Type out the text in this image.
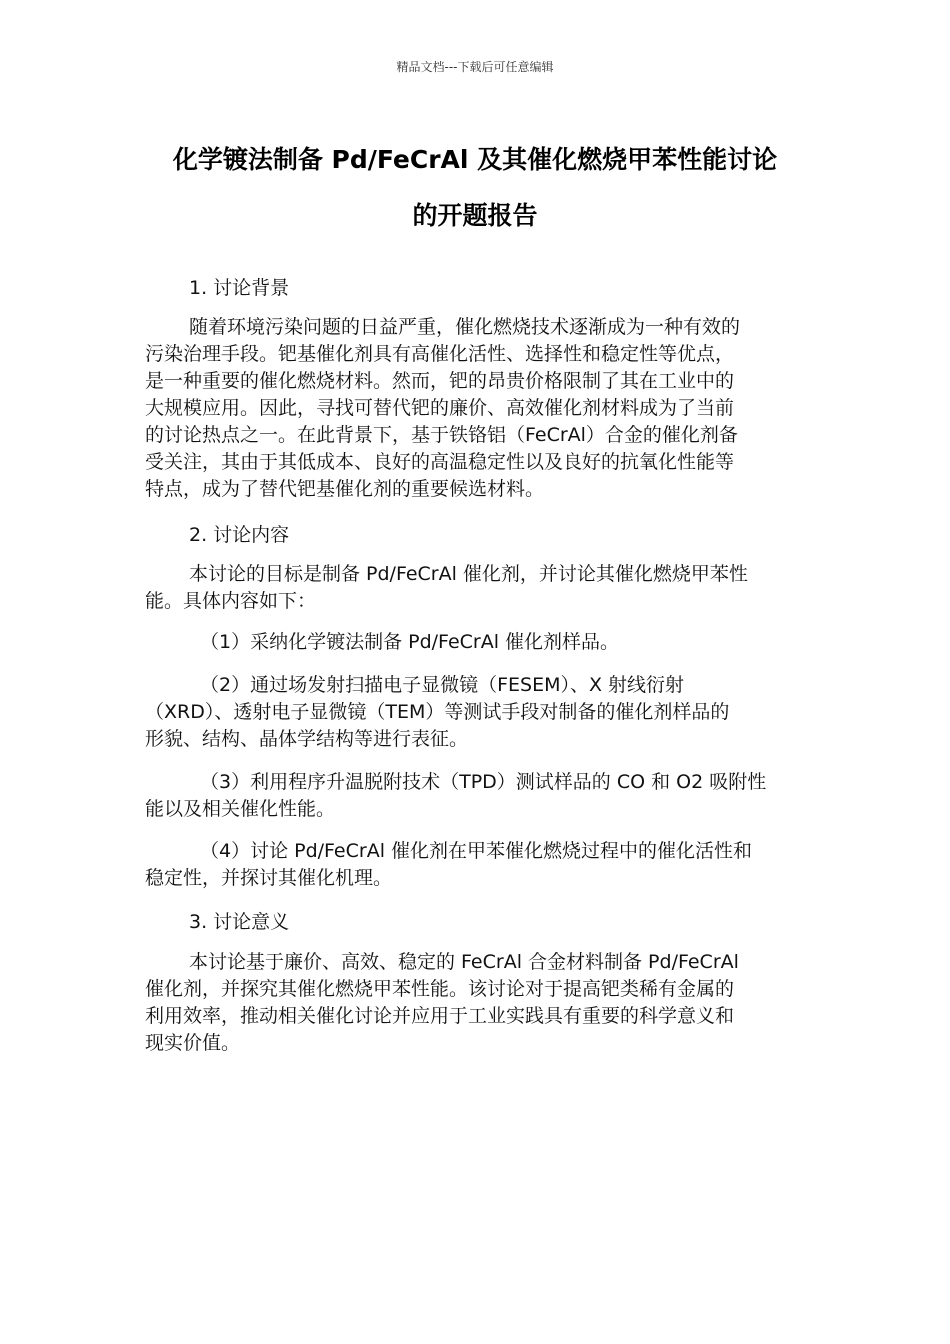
精品文档---下载后可任意编辑
化学镀法制备 Pd/FeCrAl 及其催化燃烧甲苯性能讨论
的开题报告
1. 讨论背景
随着环境污染问题的日益严重，催化燃烧技术逐渐成为一种有效的
污染治理手段。钯基催化剂具有高催化活性、选择性和稳定性等优点，
是一种重要的催化燃烧材料。然而，钯的昂贵价格限制了其在工业中的
大规模应用。因此，寻找可替代钯的廉价、高效催化剂材料成为了当前
的讨论热点之一。在此背景下，基于铁铬铝（FeCrAl）合金的催化剂备
受关注，其由于其低成本、良好的高温稳定性以及良好的抗氧化性能等
特点，成为了替代钯基催化剂的重要候选材料。
2. 讨论内容
本讨论的目标是制备 Pd/FeCrAl 催化剂，并讨论其催化燃烧甲苯性
能。具体内容如下：
（1）采纳化学镀法制备 Pd/FeCrAl 催化剂样品。
（2）通过场发射扫描电子显微镜（FESEM）、X 射线衍射
（XRD）、透射电子显微镜（TEM）等测试手段对制备的催化剂样品的
形貌、结构、晶体学结构等进行表征。
（3）利用程序升温脱附技术（TPD）测试样品的 CO 和 O2 吸附性
能以及相关催化性能。
（4）讨论 Pd/FeCrAl 催化剂在甲苯催化燃烧过程中的催化活性和
稳定性，并探讨其催化机理。
3. 讨论意义
本讨论基于廉价、高效、稳定的 FeCrAl 合金材料制备 Pd/FeCrAl
催化剂，并探究其催化燃烧甲苯性能。该讨论对于提高钯类稀有金属的
利用效率，推动相关催化讨论并应用于工业实践具有重要的科学意义和
现实价值。
